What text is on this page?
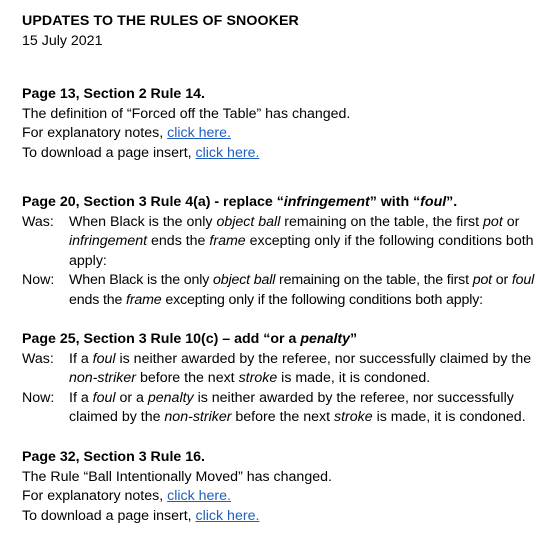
UPDATES TO THE RULES OF SNOOKER
15 July 2021
Page 13, Section 2 Rule 14.
The definition of “Forced off the Table” has changed.
For explanatory notes, click here.
To download a page insert, click here.
Page 20, Section 3 Rule 4(a) - replace “infringement” with “foul”.
Was:	When Black is the only object ball remaining on the table, the first pot or infringement ends the frame excepting only if the following conditions both apply:
Now:	When Black is the only object ball remaining on the table, the first pot or foul ends the frame excepting only if the following conditions both apply:
Page 25, Section 3 Rule 10(c) – add “or a penalty”
Was:	If a foul is neither awarded by the referee, nor successfully claimed by the non-striker before the next stroke is made, it is condoned.
Now:	If a foul or a penalty is neither awarded by the referee, nor successfully claimed by the non-striker before the next stroke is made, it is condoned.
Page 32, Section 3 Rule 16.
The Rule “Ball Intentionally Moved” has changed.
For explanatory notes, click here.
To download a page insert, click here.
